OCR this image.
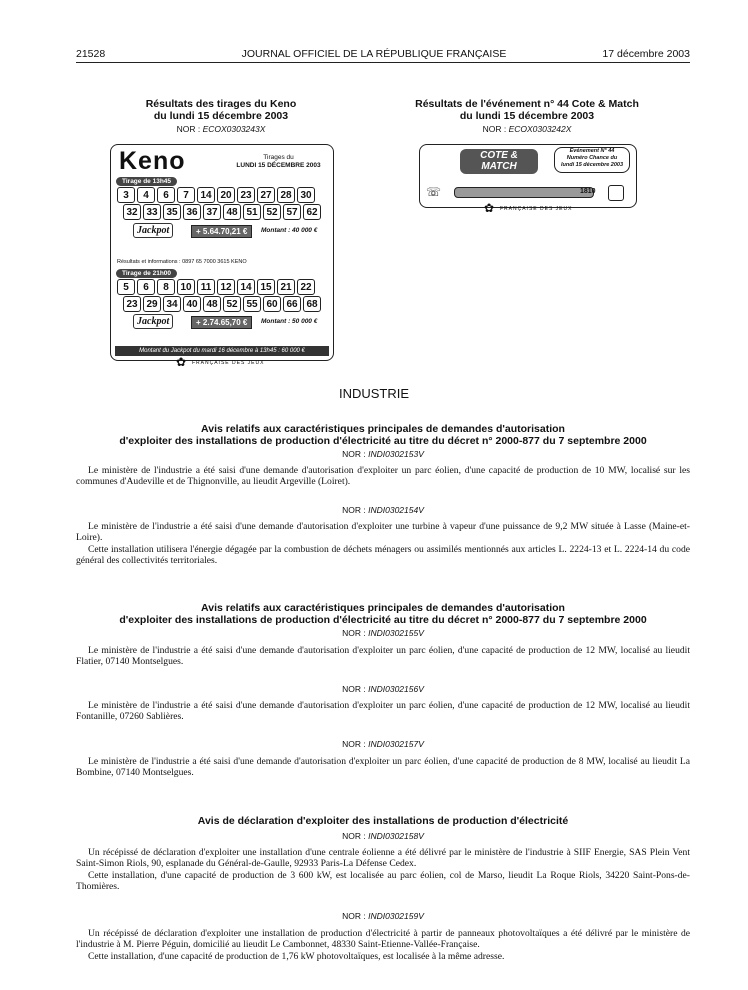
21528	JOURNAL OFFICIEL DE LA RÉPUBLIQUE FRANÇAISE	17 décembre 2003
Résultats des tirages du Keno
du lundi 15 décembre 2003
NOR : ECOX0303243X
Keno	Tirages du
LUNDI 15 DÉCEMBRE 2003
Tirage de 13h45
3	4	6	7	14 20 23 27 28 30
32 33 35 36 37 48 51 52 57 62
Jackpot	+ 5.64.70,21 €	Montant : 40 000 €
Résultats et informations : 0897 65 7000 3615 KENO
Tirage de 21h00
5	6	8	10 11 12 14 15 21 22
23 29 34 40 48 52 55 60 66 68
Jackpot	+ 2.74.65,70 €	Montant : 50 000 €
Montant du Jackpot du mardi 16 décembre à 13h45 : 60 000 €
✿ FRANÇAISE DES JEUX
Résultats de l'événement n° 44 Cote & Match
du lundi 15 décembre 2003
NOR : ECOX0303242X
COTE &
MATCH
Événement N° 44
Numéro Chance du
lundi 15 décembre 2003
☏	1810
✿ FRANÇAISE DES JEUX
INDUSTRIE
Avis relatifs aux caractéristiques principales de demandes d'autorisation
d'exploiter des installations de production d'électricité au titre du décret n° 2000-877 du 7 septembre 2000
NOR : INDI0302153V

Le ministère de l'industrie a été saisi d'une demande d'autorisation d'exploiter un parc éolien, d'une capacité de production de 10 MW, localisé sur les communes d'Audeville et de Thignonville, au lieudit Argeville (Loiret).

NOR : INDI0302154V

Le ministère de l'industrie a été saisi d'une demande d'autorisation d'exploiter une turbine à vapeur d'une puissance de 9,2 MW située à Lasse (Maine-et-Loire).

Cette installation utilisera l'énergie dégagée par la combustion de déchets ménagers ou assimilés mentionnés aux articles L. 2224-13 et L. 2224-14 du code général des collectivités territoriales.

Avis relatifs aux caractéristiques principales de demandes d'autorisation
d'exploiter des installations de production d'électricité au titre du décret n° 2000-877 du 7 septembre 2000
NOR : INDI0302155V

Le ministère de l'industrie a été saisi d'une demande d'autorisation d'exploiter un parc éolien, d'une capacité de production de 12 MW, localisé au lieudit Flatier, 07140 Montselgues.

NOR : INDI0302156V

Le ministère de l'industrie a été saisi d'une demande d'autorisation d'exploiter un parc éolien, d'une capacité de production de 12 MW, localisé au lieudit Fontanille, 07260 Sablières.

NOR : INDI0302157V

Le ministère de l'industrie a été saisi d'une demande d'autorisation d'exploiter un parc éolien, d'une capacité de production de 8 MW, localisé au lieudit La Bombine, 07140 Montselgues.

Avis de déclaration d'exploiter des installations de production d'électricité
NOR : INDI0302158V

Un récépissé de déclaration d'exploiter une installation d'une centrale éolienne a été délivré par le ministère de l'industrie à SIIF Energie, SAS Plein Vent Saint-Simon Riols, 90, esplanade du Général-de-Gaulle, 92933 Paris-La Défense Cedex.

Cette installation, d'une capacité de production de 3 600 kW, est localisée au parc éolien, col de Marso, lieudit La Roque Riols, 34220 Saint-Pons-de-Thomières.

NOR : INDI0302159V

Un récépissé de déclaration d'exploiter une installation de production d'électricité à partir de panneaux photovoltaïques a été délivré par le ministère de l'industrie à M. Pierre Péguin, domicilié au lieudit Le Cambonnet, 48330 Saint-Etienne-Vallée-Française.

Cette installation, d'une capacité de production de 1,76 kW photovoltaïques, est localisée à la même adresse.
